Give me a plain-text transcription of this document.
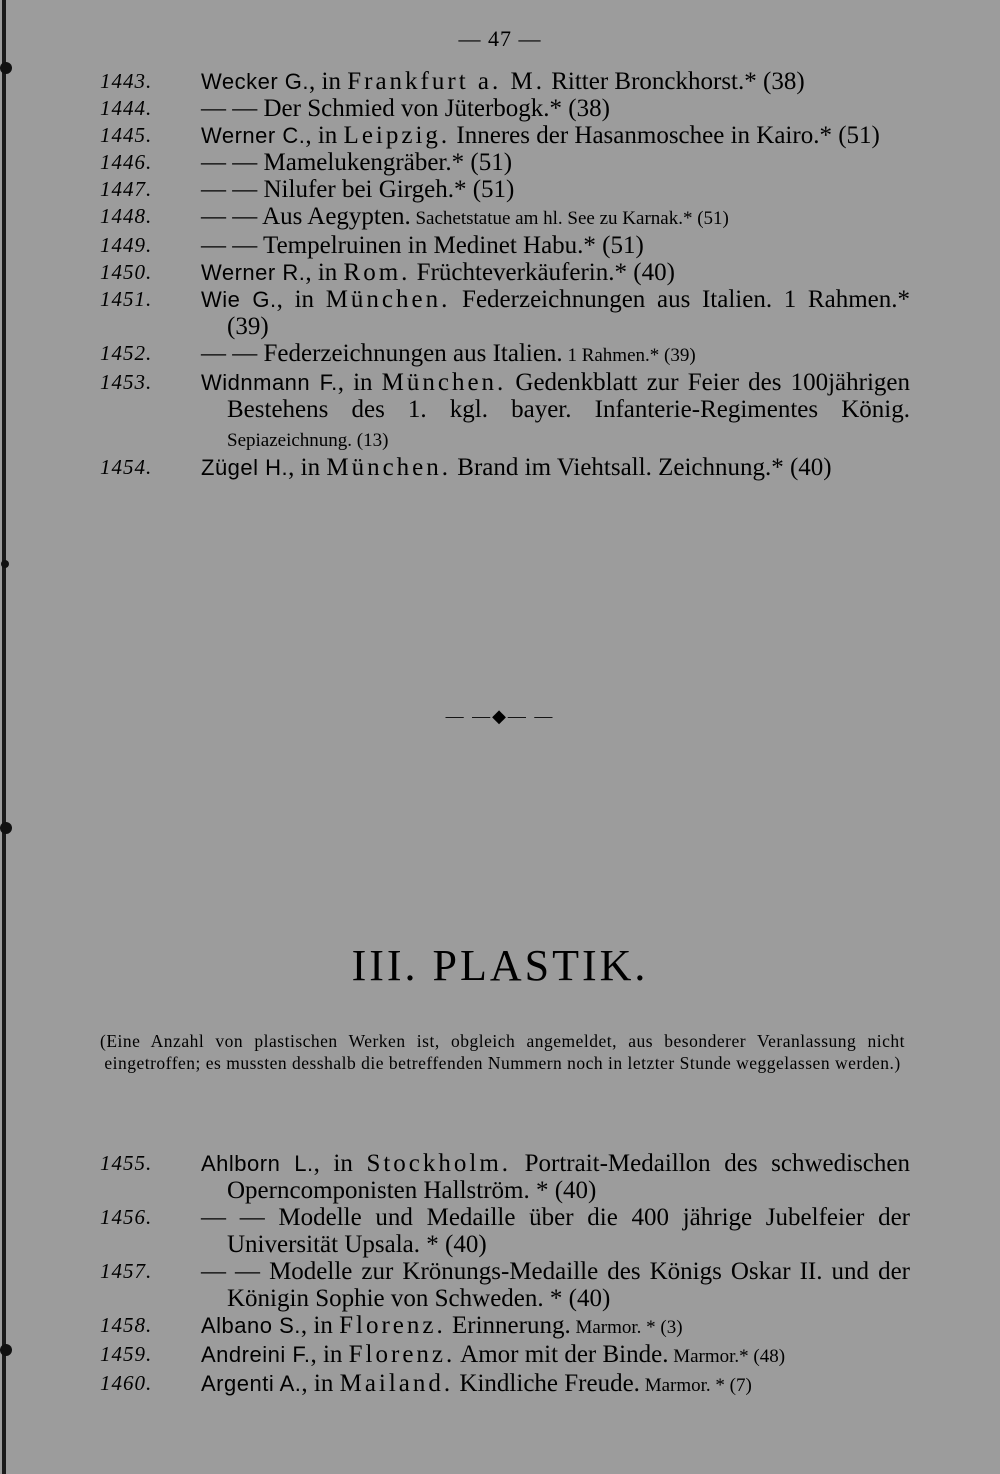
— 47 —
1443.	Wecker G., in Frankfurt a. M. Ritter Bronckhorst.* (38)
1444.	— — Der Schmied von Jüterbogk.* (38)
1445.	Werner C., in Leipzig. Inneres der Hasanmoschee in Kairo.* (51)
1446.	— — Mamelukengräber.* (51)
1447.	— — Nilufer bei Girgeh.* (51)
1448.	— — Aus Aegypten. Sachetstatue am hl. See zu Karnak.* (51)
1449.	— — Tempelruinen in Medinet Habu.* (51)
1450.	Werner R., in Rom. Früchteverkäuferin.* (40)
1451.	Wie G., in München. Federzeichnungen aus Italien. 1 Rahmen.* (39)
1452.	— — Federzeichnungen aus Italien. 1 Rahmen.* (39)
1453.	Widnmann F., in München. Gedenkblatt zur Feier des 100jährigen Bestehens des 1. kgl. bayer. Infanterie-Regimentes König. Sepiazeichnung. (13)
1454.	Zügel H., in München. Brand im Viehtsall. Zeichnung.* (40)
— —◆— —
III. PLASTIK.
(Eine Anzahl von plastischen Werken ist, obgleich angemeldet, aus besonderer Veranlassung nicht eingetroffen; es mussten desshalb die betreffenden Nummern noch in letzter Stunde weggelassen werden.)
1455.	Ahlborn L., in Stockholm. Portrait-Medaillon des schwedischen Operncomponisten Hallström. * (40)
1456.	— — Modelle und Medaille über die 400 jährige Jubelfeier der Universität Upsala. * (40)
1457.	— — Modelle zur Krönungs-Medaille des Königs Oskar II. und der Königin Sophie von Schweden. * (40)
1458.	Albano S., in Florenz. Erinnerung. Marmor. * (3)
1459.	Andreini F., in Florenz. Amor mit der Binde. Marmor.* (48)
1460.	Argenti A., in Mailand. Kindliche Freude. Marmor. * (7)
